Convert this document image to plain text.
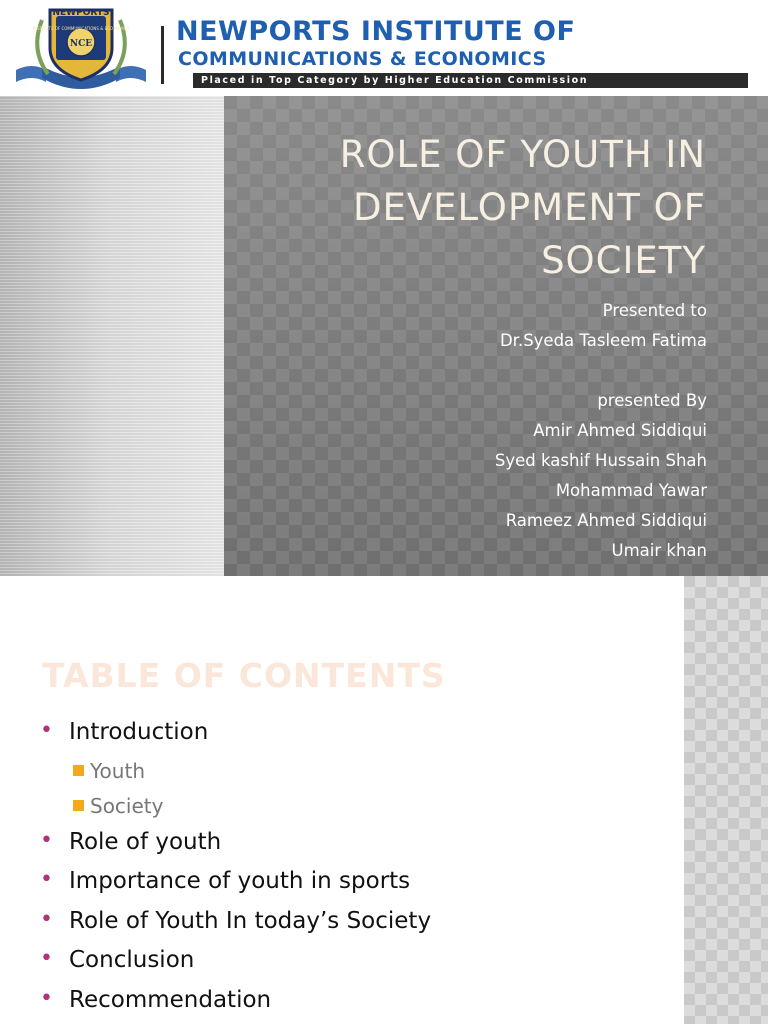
NEWPORTS
INSTITUTE OF COMMUNICATIONS & ECONOMICS
NCE	NEWPORTS INSTITUTE OF
COMMUNICATIONS & ECONOMICS
Placed in Top Category by Higher Education Commission
ROLE OF YOUTH IN
DEVELOPMENT OF
SOCIETY
Presented to
Dr.Syeda Tasleem Fatima
presented By
Amir Ahmed Siddiqui
Syed kashif Hussain Shah
Mohammad Yawar
Rameez Ahmed Siddiqui
Umair khan
TABLE OF CONTENTS
• Introduction
Youth
Society
• Role of youth
• Importance of youth in sports
• Role of Youth In today’s Society
• Conclusion
• Recommendation
